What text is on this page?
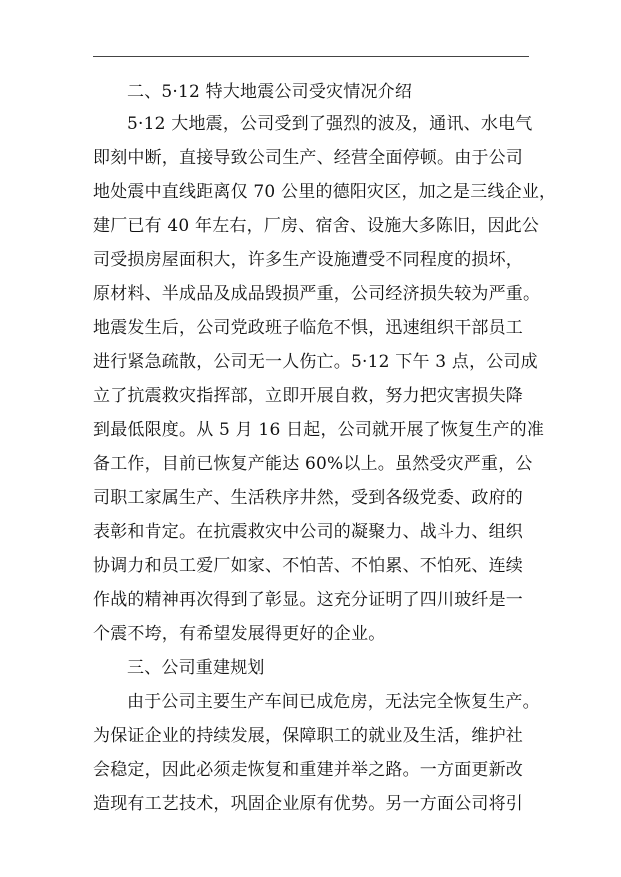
二、5·12 特大地震公司受灾情况介绍
5·12 大地震，公司受到了强烈的波及，通讯、水电气
即刻中断，直接导致公司生产、经营全面停顿。由于公司
地处震中直线距离仅 70 公里的德阳灾区，加之是三线企业，
建厂已有 40 年左右，厂房、宿舍、设施大多陈旧，因此公
司受损房屋面积大，许多生产设施遭受不同程度的损坏，
原材料、半成品及成品毁损严重，公司经济损失较为严重。
地震发生后，公司党政班子临危不惧，迅速组织干部员工
进行紧急疏散，公司无一人伤亡。5·12 下午 3 点，公司成
立了抗震救灾指挥部，立即开展自救，努力把灾害损失降
到最低限度。从 5 月 16 日起，公司就开展了恢复生产的准
备工作，目前已恢复产能达 60%以上。虽然受灾严重，公
司职工家属生产、生活秩序井然，受到各级党委、政府的
表彰和肯定。在抗震救灾中公司的凝聚力、战斗力、组织
协调力和员工爱厂如家、不怕苦、不怕累、不怕死、连续
作战的精神再次得到了彰显。这充分证明了四川玻纤是一
个震不垮，有希望发展得更好的企业。
三、公司重建规划
由于公司主要生产车间已成危房，无法完全恢复生产。
为保证企业的持续发展，保障职工的就业及生活，维护社
会稳定，因此必须走恢复和重建并举之路。一方面更新改
造现有工艺技术，巩固企业原有优势。另一方面公司将引
